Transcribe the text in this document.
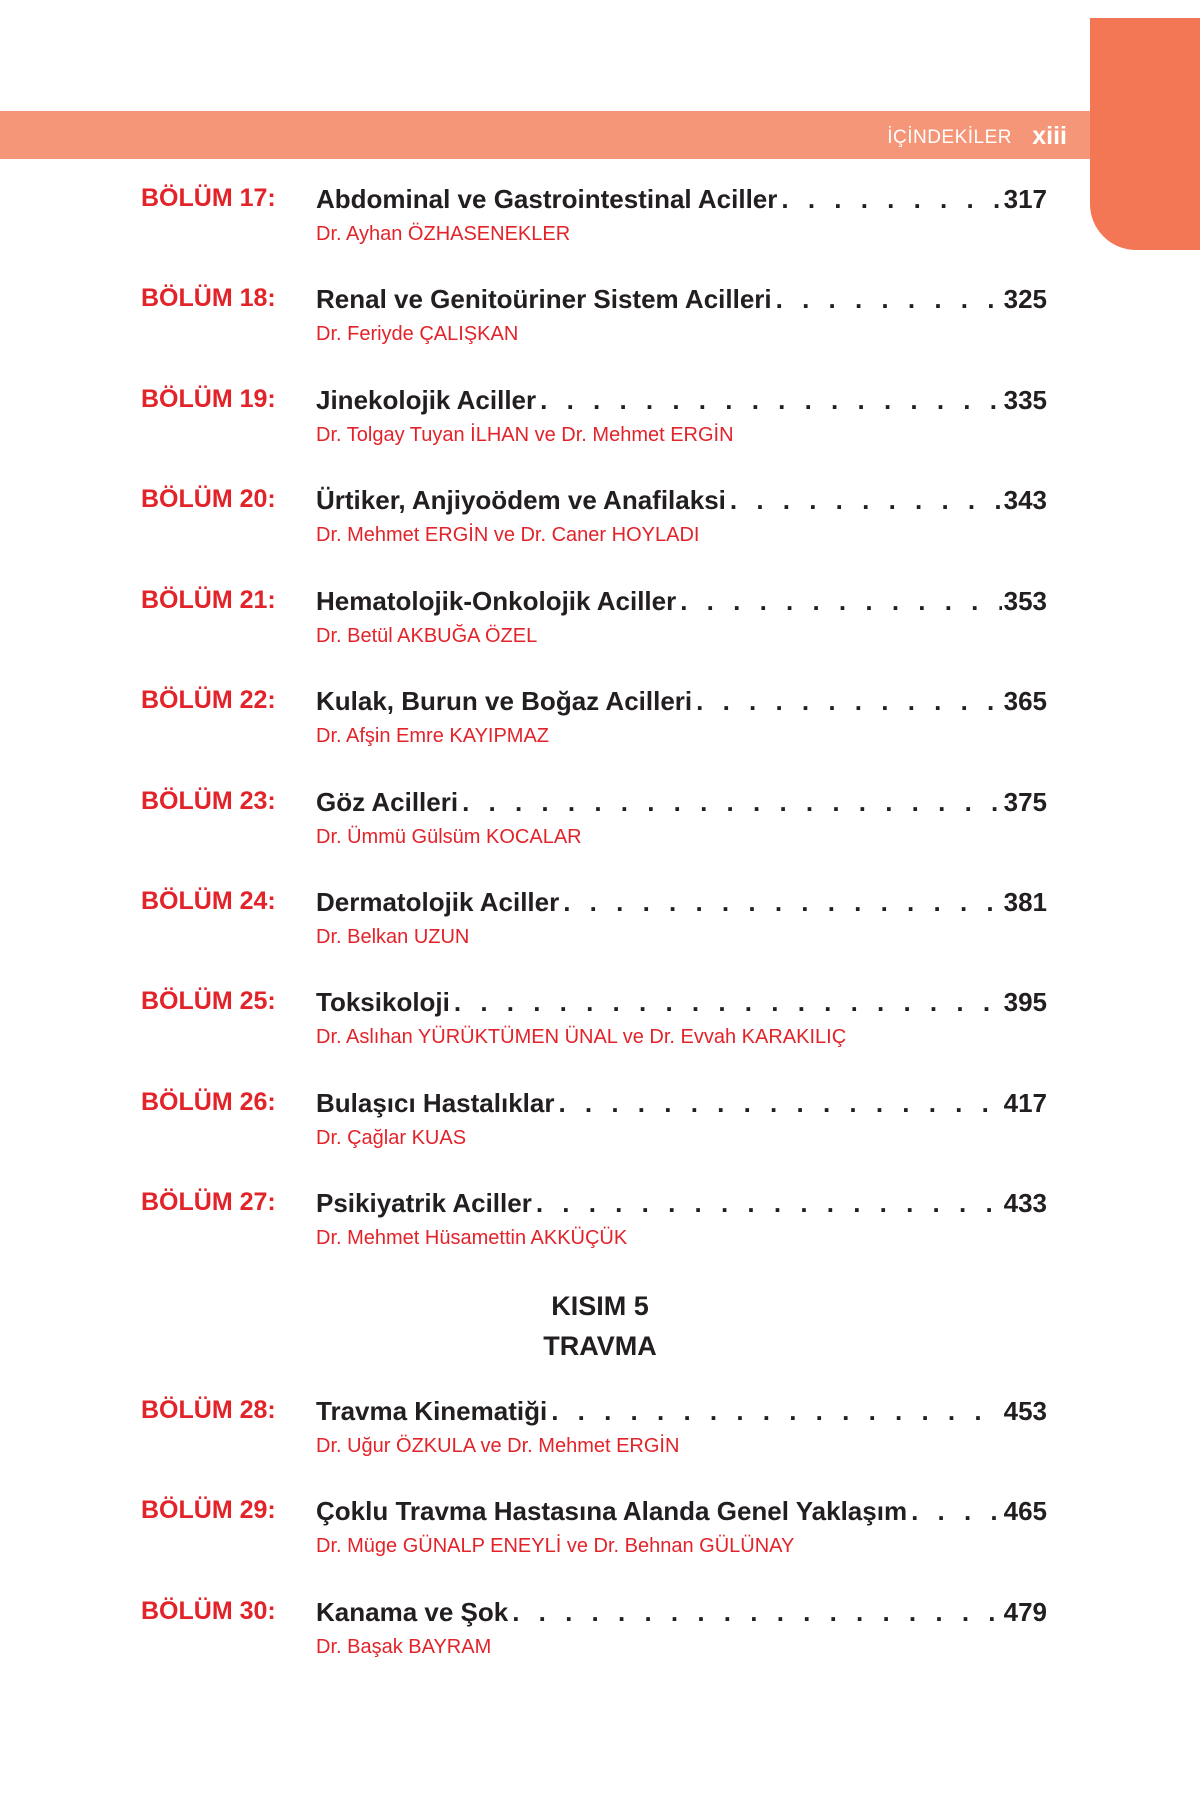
İÇİNDEKİLER xiii
BÖLÜM 17: Abdominal ve Gastrointestinal Aciller . . .	317
Dr. Ayhan ÖZHASENEKLER
BÖLÜM 18: Renal ve Genitoüriner Sistem Acilleri . . .	325
Dr. Feriyde ÇALIŞKAN
BÖLÜM 19: Jinekolojik Aciller . . .	335
Dr. Tolgay Tuyan İLHAN ve Dr. Mehmet ERGİN
BÖLÜM 20: Ürtiker, Anjiyoödem ve Anafilaksi . . .	343
Dr. Mehmet ERGİN ve Dr. Caner HOYLADI
BÖLÜM 21: Hematolojik-Onkolojik Aciller . . .	353
Dr. Betül AKBUĞA ÖZEL
BÖLÜM 22: Kulak, Burun ve Boğaz Acilleri . . .	365
Dr. Afşin Emre KAYIPMAZ
BÖLÜM 23: Göz Acilleri . . .	375
Dr. Ümmü Gülsüm KOCALAR
BÖLÜM 24: Dermatolojik Aciller . . .	381
Dr. Belkan UZUN
BÖLÜM 25: Toksikoloji . . .	395
Dr. Aslıhan YÜRÜKTÜMEN ÜNAL ve Dr. Evvah KARAKILIÇ
BÖLÜM 26: Bulaşıcı Hastalıklar . . .	417
Dr. Çağlar KUAS
BÖLÜM 27: Psikiyatrik Aciller . . .	433
Dr. Mehmet Hüsamettin AKKÜÇÜK
KISIM 5
TRAVMA
BÖLÜM 28: Travma Kinematiği . . .	453
Dr. Uğur ÖZKULA ve Dr. Mehmet ERGİN
BÖLÜM 29: Çoklu Travma Hastasına Alanda Genel Yaklaşım . . .	465
Dr. Müge GÜNALP ENEYLİ ve Dr. Behnan GÜLÜNAY
BÖLÜM 30: Kanama ve Şok . . .	479
Dr. Başak BAYRAM
